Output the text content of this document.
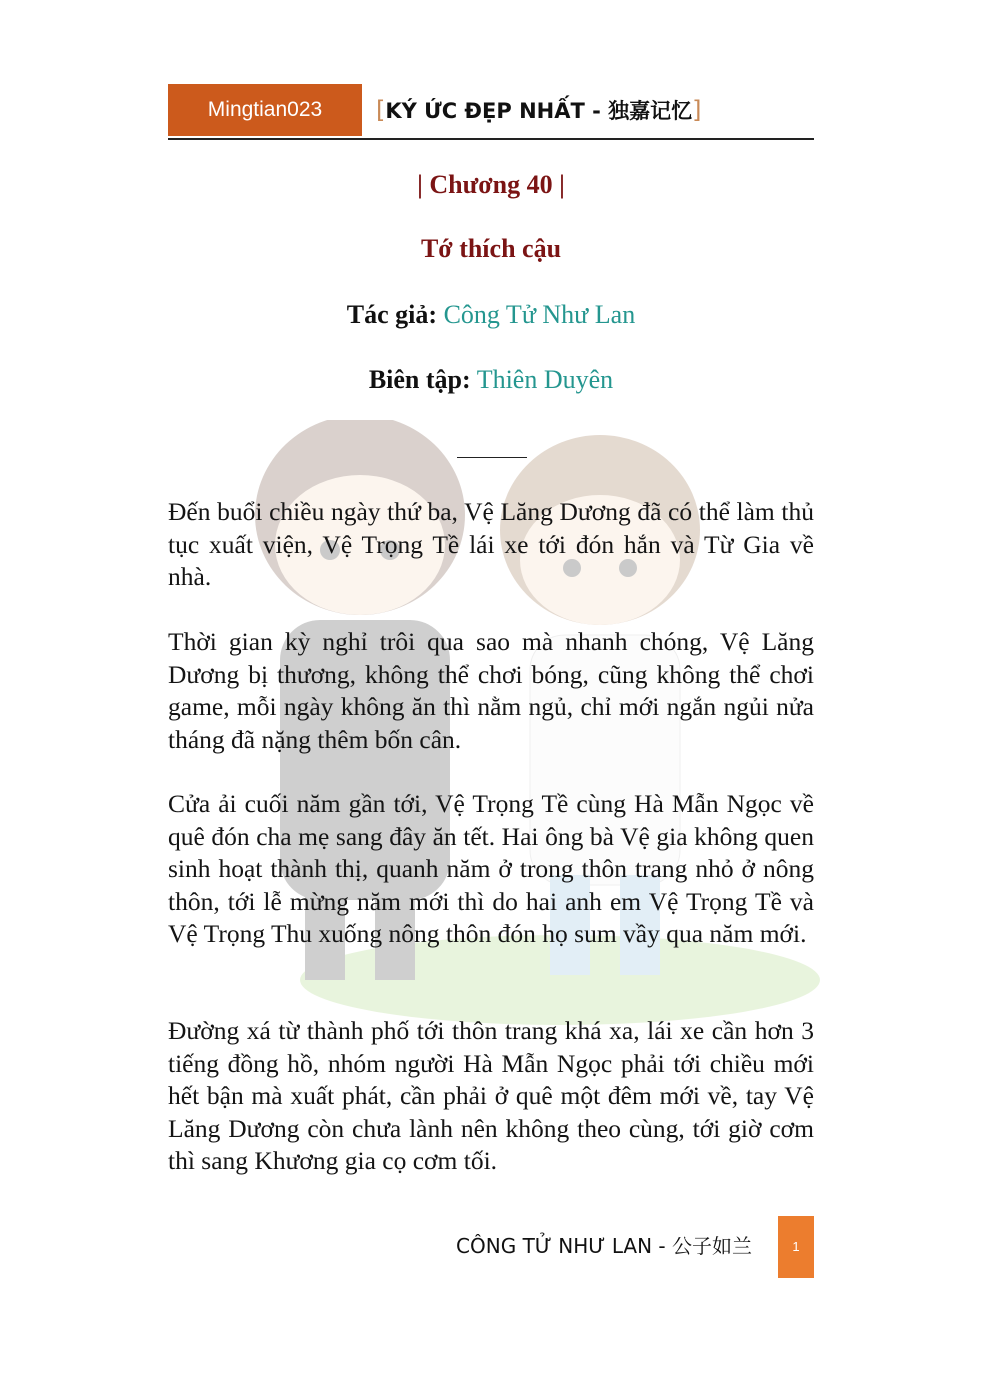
Mingtian023	[KÝ ỨC ĐẸP NHẤT - 独嘉记忆]
| Chương 40 |
Tớ thích cậu
Tác giả: Công Tử Như Lan
Biên tập: Thiên Duyên

Đến buổi chiều ngày thứ ba, Vệ Lăng Dương đã có thể làm thủ tục xuất viện, Vệ Trọng Tề lái xe tới đón hắn và Từ Gia về nhà.

Thời gian kỳ nghỉ trôi qua sao mà nhanh chóng, Vệ Lăng Dương bị thương, không thể chơi bóng, cũng không thể chơi game, mỗi ngày không ăn thì nằm ngủ, chỉ mới ngắn ngủi nửa tháng đã nặng thêm bốn cân.

Cửa ải cuối năm gần tới, Vệ Trọng Tề cùng Hà Mẫn Ngọc về quê đón cha mẹ sang đây ăn tết. Hai ông bà Vệ gia không quen sinh hoạt thành thị, quanh năm ở trong thôn trang nhỏ ở nông thôn, tới lễ mừng năm mới thì do hai anh em Vệ Trọng Tề và Vệ Trọng Thu xuống nông thôn đón họ sum vầy qua năm mới.

Đường xá từ thành phố tới thôn trang khá xa, lái xe cần hơn 3 tiếng đồng hồ, nhóm người Hà Mẫn Ngọc phải tới chiều mới hết bận mà xuất phát, cần phải ở quê một đêm mới về, tay Vệ Lăng Dương còn chưa lành nên không theo cùng, tới giờ cơm thì sang Khương gia cọ cơm tối.

CÔNG TỬ NHƯ LAN - 公子如兰	1
